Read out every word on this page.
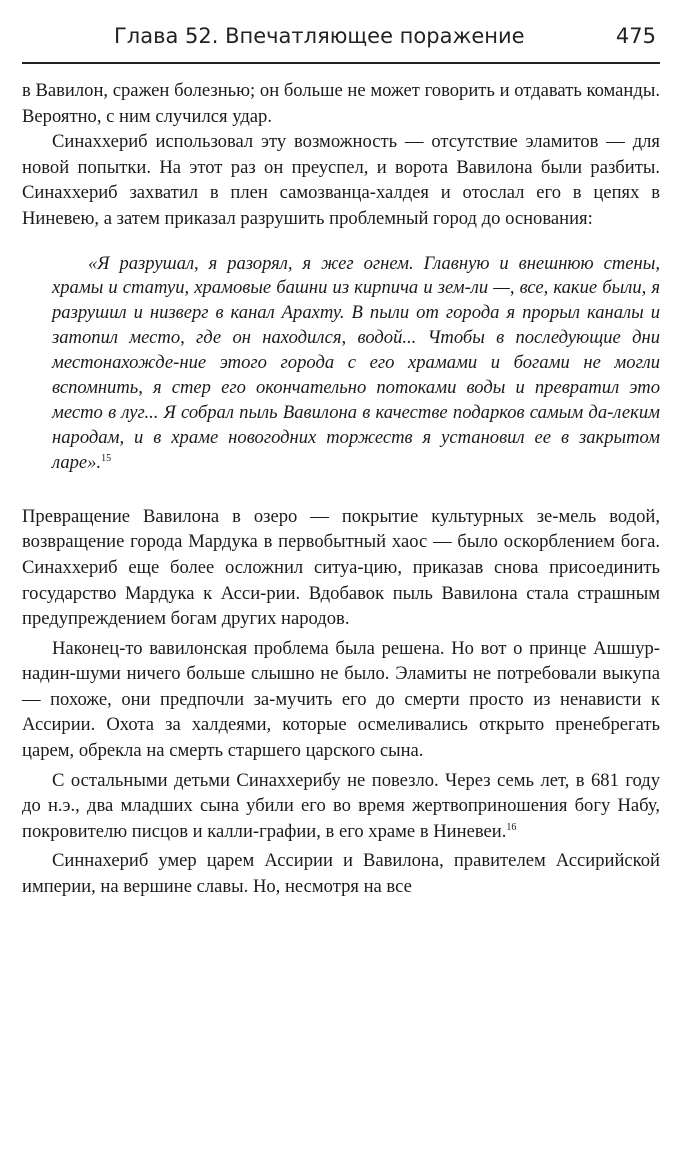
Глава 52. Впечатляющее поражение	475

в Вавилон, сражен болезнью; он больше не может говорить и отдавать команды. Вероятно, с ним случился удар.

Синаххериб использовал эту возможность — отсутствие эламитов — для новой попытки. На этот раз он преуспел, и ворота Вавилона были разбиты. Синаххериб захватил в плен самозванца-халдея и отослал его в цепях в Ниневею, а затем приказал разрушить проблемный город до основания:

«Я разрушал, я разорял, я жег огнем. Главную и внешнюю стены, храмы и статуи, храмовые башни из кирпича и зем-ли —, все, какие были, я разрушил и низверг в канал Арахту. В пыли от города я прорыл каналы и затопил место, где он находился, водой... Чтобы в последующие дни местонахожде-ние этого города с его храмами и богами не могли вспомнить, я стер его окончательно потоками воды и превратил это место в луг... Я собрал пыль Вавилона в качестве подарков самым да-леким народам, и в храме новогодних торжеств я установил ее в закрытом ларе».$^{15}$

Превращение Вавилона в озеро — покрытие культурных зе-мель водой, возвращение города Мардука в первобытный хаос — было оскорблением бога. Синаххериб еще более осложнил ситуа-цию, приказав снова присоединить государство Мардука к Асси-рии. Вдобавок пыль Вавилона стала страшным предупреждением богам других народов.

Наконец-то вавилонская проблема была решена. Но вот о принце Ашшур-надин-шуми ничего больше слышно не было. Эламиты не потребовали выкупа — похоже, они предпочли за-мучить его до смерти просто из ненависти к Ассирии. Охота за халдеями, которые осмеливались открыто пренебрегать царем, обрекла на смерть старшего царского сына.

С остальными детьми Синаххерибу не повезло. Через семь лет, в 681 году до н.э., два младших сына убили его во время жертвоприношения богу Набу, покровителю писцов и калли-графии, в его храме в Ниневеи.$^{16}$

Синнахериб умер царем Ассирии и Вавилона, правителем Ассирийской империи, на вершине славы. Но, несмотря на все
